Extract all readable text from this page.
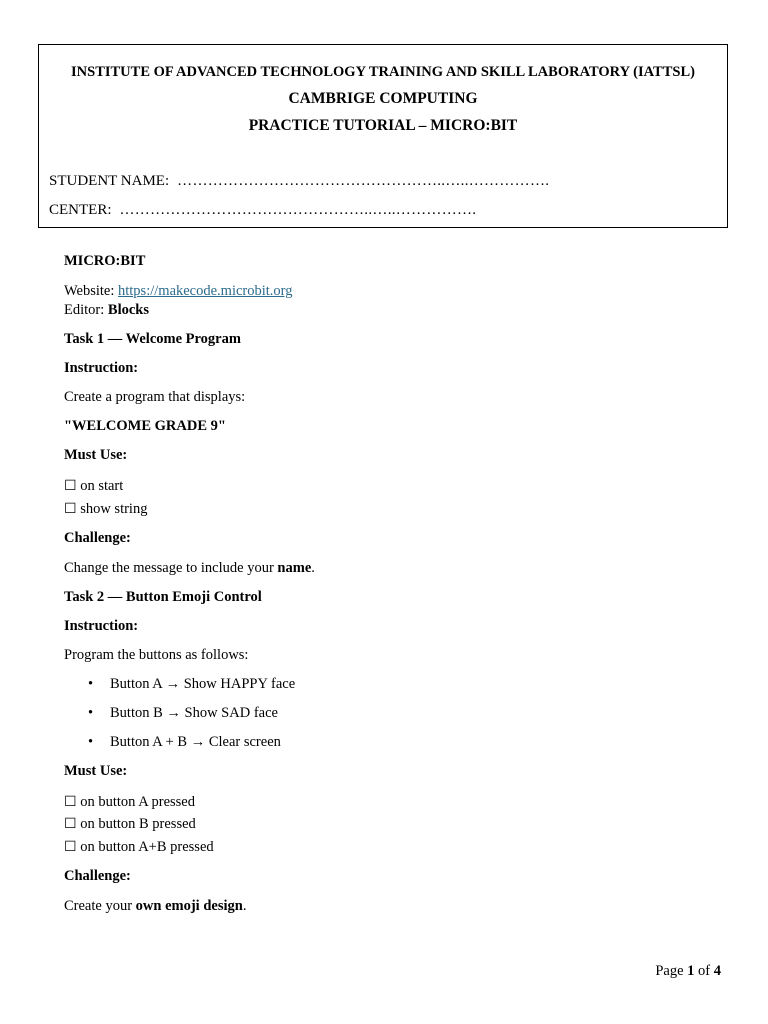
INSTITUTE OF ADVANCED TECHNOLOGY TRAINING AND SKILL LABORATORY (IATTSL)
CAMBRIGE COMPUTING
PRACTICE TUTORIAL – MICRO:BIT
STUDENT NAME: ……………………………………………..…..…………….
CENTER: …………………………………………..…..…………….
MICRO:BIT
Website: https://makecode.microbit.org
Editor: Blocks
Task 1 — Welcome Program
Instruction:
Create a program that displays:
"WELCOME GRADE 9"
Must Use:
☐ on start
☐ show string
Challenge:
Change the message to include your name.
Task 2 — Button Emoji Control
Instruction:
Program the buttons as follows:
• Button A → Show HAPPY face
• Button B → Show SAD face
• Button A + B → Clear screen
Must Use:
☐ on button A pressed
☐ on button B pressed
☐ on button A+B pressed
Challenge:
Create your own emoji design.
Page 1 of 4
